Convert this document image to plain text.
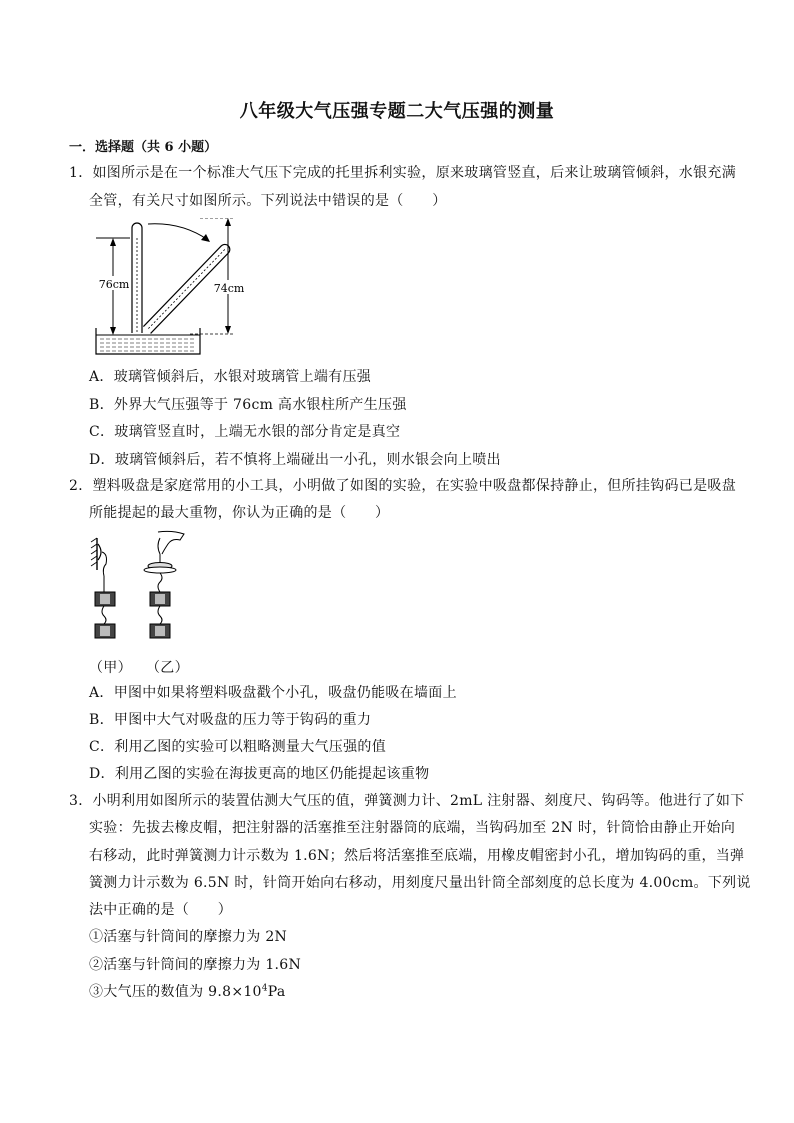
八年级大气压强专题二大气压强的测量
一．选择题（共 6 小题）
1．如图所示是在一个标准大气压下完成的托里拆利实验，原来玻璃管竖直，后来让玻璃管倾斜，水银充满
全管，有关尺寸如图所示。下列说法中错误的是（　　）
76cm	74cm
A．玻璃管倾斜后，水银对玻璃管上端有压强
B．外界大气压强等于 76cm 高水银柱所产生压强
C．玻璃管竖直时，上端无水银的部分肯定是真空
D．玻璃管倾斜后，若不慎将上端碰出一小孔，则水银会向上喷出
2．塑料吸盘是家庭常用的小工具，小明做了如图的实验，在实验中吸盘都保持静止，但所挂钩码已是吸盘
所能提起的最大重物，你认为正确的是（　　）
（甲） （乙）
A．甲图中如果将塑料吸盘戳个小孔，吸盘仍能吸在墙面上
B．甲图中大气对吸盘的压力等于钩码的重力
C．利用乙图的实验可以粗略测量大气压强的值
D．利用乙图的实验在海拔更高的地区仍能提起该重物
3．小明利用如图所示的装置估测大气压的值，弹簧测力计、2mL 注射器、刻度尺、钩码等。他进行了如下
实验：先拔去橡皮帽，把注射器的活塞推至注射器筒的底端，当钩码加至 2N 时，针筒恰由静止开始向
右移动，此时弹簧测力计示数为 1.6N；然后将活塞推至底端，用橡皮帽密封小孔，增加钩码的重，当弹
簧测力计示数为 6.5N 时，针筒开始向右移动，用刻度尺量出针筒全部刻度的总长度为 4.00cm。下列说
法中正确的是（　　）
①活塞与针筒间的摩擦力为 2N
②活塞与针筒间的摩擦力为 1.6N
③大气压的数值为 $9.8\times 10^4Pa$
